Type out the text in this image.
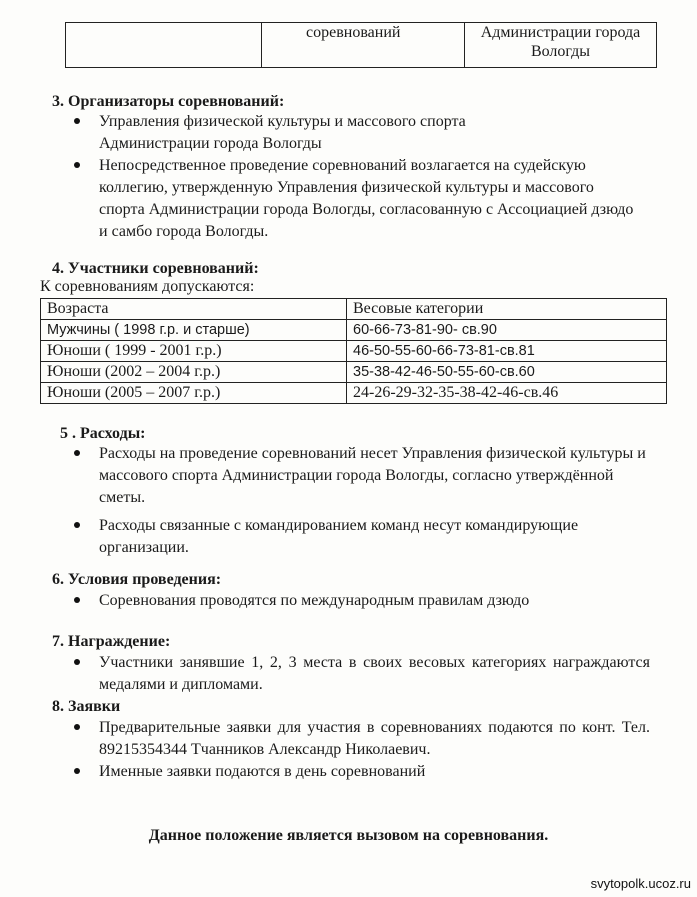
	соревнований	Администрации города Вологды
3. Организаторы соревнований:
Управления физической культуры и массового спорта Администрации города Вологды
Непосредственное проведение соревнований возлагается на судейскую коллегию, утвержденную Управления физической культуры и массового спорта Администрации города Вологды, согласованную с Ассоциацией дзюдо и самбо города Вологды.
4. Участники соревнований:
К соревнованиям допускаются:
Возраста	Весовые категории
Мужчины ( 1998 г.р. и старше)	60-66-73-81-90- св.90
Юноши ( 1999 - 2001 г.р.)	46-50-55-60-66-73-81-св.81
Юноши (2002 – 2004 г.р.)	35-38-42-46-50-55-60-св.60
Юноши (2005 – 2007 г.р.)	24-26-29-32-35-38-42-46-св.46
5 . Расходы:
Расходы на проведение соревнований несет Управления физической культуры и массового спорта Администрации города Вологды, согласно утверждённой сметы.
Расходы связанные с командированием команд несут командирующие организации.
6. Условия проведения:
Соревнования проводятся по международным правилам дзюдо
7. Награждение:
Участники занявшие 1, 2, 3 места в своих весовых категориях награждаются медалями и дипломами.
8. Заявки
Предварительные заявки для участия в соревнованиях подаются по конт. Тел. 89215354344 Тчанников Александр Николаевич.
Именные заявки подаются в день соревнований
Данное положение является вызовом на соревнования.
svytopolk.ucoz.ru
